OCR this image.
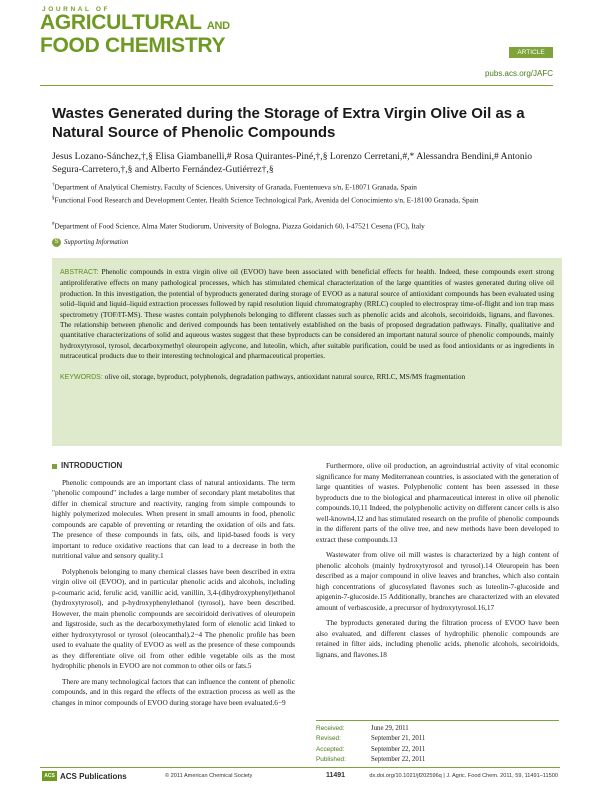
JOURNAL OF
AGRICULTURAL AND
FOOD CHEMISTRY	ARTICLE
pubs.acs.org/JAFC
Wastes Generated during the Storage of Extra Virgin Olive Oil as a Natural Source of Phenolic Compounds
Jesus Lozano-Sánchez,†,§ Elisa Giambanelli,# Rosa Quirantes-Piné,†,§ Lorenzo Cerretani,#,* Alessandra Bendini,# Antonio Segura-Carretero,†,§ and Alberto Fernández-Gutiérrez†,§
†Department of Analytical Chemistry, Faculty of Sciences, University of Granada, Fuentenueva s/n, E-18071 Granada, Spain
§Functional Food Research and Development Center, Health Science Technological Park, Avenida del Conocimiento s/n, E-18100 Granada, Spain
#Department of Food Science, Alma Mater Studiorum, University of Bologna, Piazza Goidanich 60, I-47521 Cesena (FC), Italy
S Supporting Information
ABSTRACT: Phenolic compounds in extra virgin olive oil (EVOO) have been associated with beneficial effects for health. Indeed, these compounds exert strong antiproliferative effects on many pathological processes, which has stimulated chemical characterization of the large quantities of wastes generated during olive oil production. In this investigation, the potential of byproducts generated during storage of EVOO as a natural source of antioxidant compounds has been evaluated using solid–liquid and liquid–liquid extraction processes followed by rapid resolution liquid chromatography (RRLC) coupled to electrospray time-of-flight and ion trap mass spectrometry (TOF/IT-MS). These wastes contain polyphenols belonging to different classes such as phenolic acids and alcohols, secoiridoids, lignans, and flavones. The relationship between phenolic and derived compounds has been tentatively established on the basis of proposed degradation pathways. Finally, qualitative and quantitative characterizations of solid and aqueous wastes suggest that these byproducts can be considered an important natural source of phenolic compounds, mainly hydroxytyrosol, tyrosol, decarboxymethyl oleuropein aglycone, and luteolin, which, after suitable purification, could be used as food antioxidants or as ingredients in nutraceutical products due to their interesting technological and pharmaceutical properties.
KEYWORDS: olive oil, storage, byproduct, polyphenols, degradation pathways, antioxidant natural source, RRLC, MS/MS fragmentation
INTRODUCTION

Phenolic compounds are an important class of natural antioxidants. The term "phenolic compound" includes a large number of secondary plant metabolites that differ in chemical structure and reactivity, ranging from simple compounds to highly polymerized molecules. When present in small amounts in food, phenolic compounds are capable of preventing or retarding the oxidation of oils and fats. The presence of these compounds in fats, oils, and lipid-based foods is very important to reduce oxidative reactions that can lead to a decrease in both the nutritional value and sensory quality.1

Polyphenols belonging to many chemical classes have been described in extra virgin olive oil (EVOO), and in particular phenolic acids and alcohols, including p-coumaric acid, ferulic acid, vanillic acid, vanillin, 3,4-(dihydroxyphenyl)ethanol (hydroxytyrosol), and p-hydroxyphenylethanol (tyrosol), have been described. However, the main phenolic compounds are secoiridoid derivatives of oleuropein and ligstroside, such as the decarboxymethylated form of elenolic acid linked to either hydroxytyrosol or tyrosol (oleocanthal).2−4 The phenolic profile has been used to evaluate the quality of EVOO as well as the presence of these compounds as they differentiate olive oil from other edible vegetable oils as the most hydrophilic phenols in EVOO are not common to other oils or fats.5

There are many technological factors that can influence the content of phenolic compounds, and in this regard the effects of the extraction process as well as the changes in minor compounds of EVOO during storage have been evaluated.6−9

Furthermore, olive oil production, an agroindustrial activity of vital economic significance for many Mediterranean countries, is associated with the generation of large quantities of wastes. Polyphenolic content has been assessed in these byproducts due to the biological and pharmaceutical interest in olive oil phenolic compounds.10,11 Indeed, the polyphenolic activity on different cancer cells is also well-known4,12 and has stimulated research on the profile of phenolic compounds in the different parts of the olive tree, and new methods have been developed to extract these compounds.13

Wastewater from olive oil mill wastes is characterized by a high content of phenolic alcohols (mainly hydroxytyrosol and tyrosol).14 Oleuropein has been described as a major compound in olive leaves and branches, which also contain high concentrations of glucosylated flavones such as luteolin-7-glucoside and apigenin-7-glucoside.15 Additionally, branches are characterized with an elevated amount of verbascoside, a precursor of hydroxytyrosol.16,17

The byproducts generated during the filtration process of EVOO have been also evaluated, and different classes of hydrophilic phenolic compounds are retained in filter aids, including phenolic acids, phenolic alcohols, secoiridoids, lignans, and flavones.18

Received:	June 29, 2011
Revised:	September 21, 2011
Accepted:	September 22, 2011
Published:	September 22, 2011
ACS ACS Publications	© 2011 American Chemical Society	11491	dx.doi.org/10.1021/jf202596q | J. Agric. Food Chem. 2011, 59, 11491–11500
